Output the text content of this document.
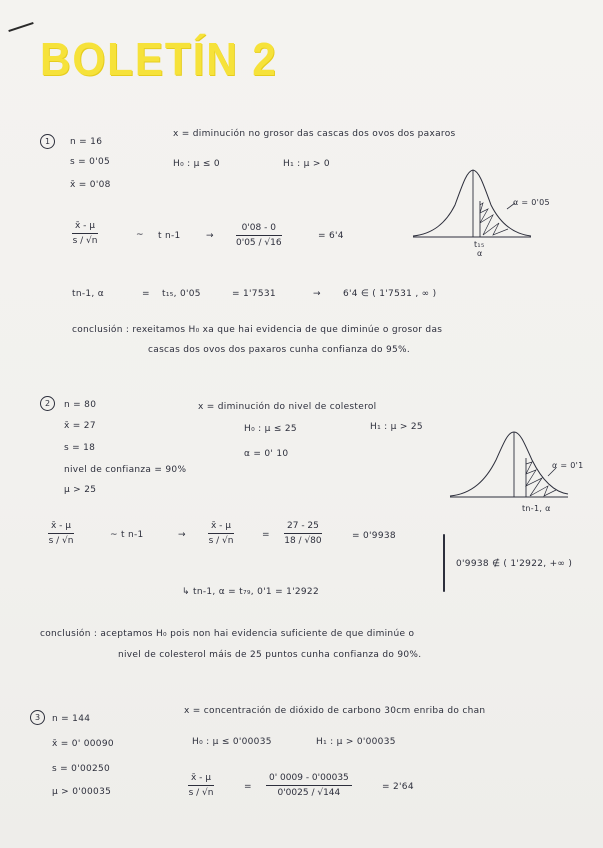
BOLETÍN 2
1	n = 16
s = 0'05
x̄ = 0'08
x = diminución no grosor das cascas dos ovos dos paxaros
H₀ : μ ≤ 0	H₁ : μ > 0
$\frac{x̄ - \mu}{s / √n}$	~ t n-1	→ $\frac{0'08 - 0}{0'05 / √16}$	= 6'4
α = 0'05
t₁₅
α
tn-1, α	= t₁₅, 0'05	= 1'7531	→ 6'4 ∈ ( 1'7531 , ∞ )
conclusión : rexeitamos H₀ xa que hai evidencia de que diminúe o grosor das
cascas dos ovos dos paxaros cunha confianza do 95%.
2	n = 80
x̄ = 27
s = 18
nivel de confianza = 90%
μ > 25
x = diminución do nivel de colesterol
H₀ : μ ≤ 25	H₁ : μ > 25
α = 0' 10
α = 0'1
tn-1, α
$\frac{x̄ - \mu}{s / √n}$	~ t n-1	→ $\frac{x̄ - \mu}{s / √n}$	= $\frac{27 - 25}{18 / √80}$	= 0'9938
0'9938 ∉ ( 1'2922, +∞ )
↳ tn-1, α = t₇₉, 0'1 = 1'2922
conclusión : aceptamos H₀ pois non hai evidencia suficiente de que diminúe o
nivel de colesterol máis de 25 puntos cunha confianza do 90%.
3	n = 144
x̄ = 0' 00090
s = 0'00250
μ > 0'00035
x = concentración de dióxido de carbono 30cm enriba do chan
H₀ : μ ≤ 0'00035	H₁ : μ > 0'00035
$\frac{x̄ - \mu}{s / √n}$	= $\frac{0' 0009 - 0'00035}{0'0025 / √144}$	= 2'64
